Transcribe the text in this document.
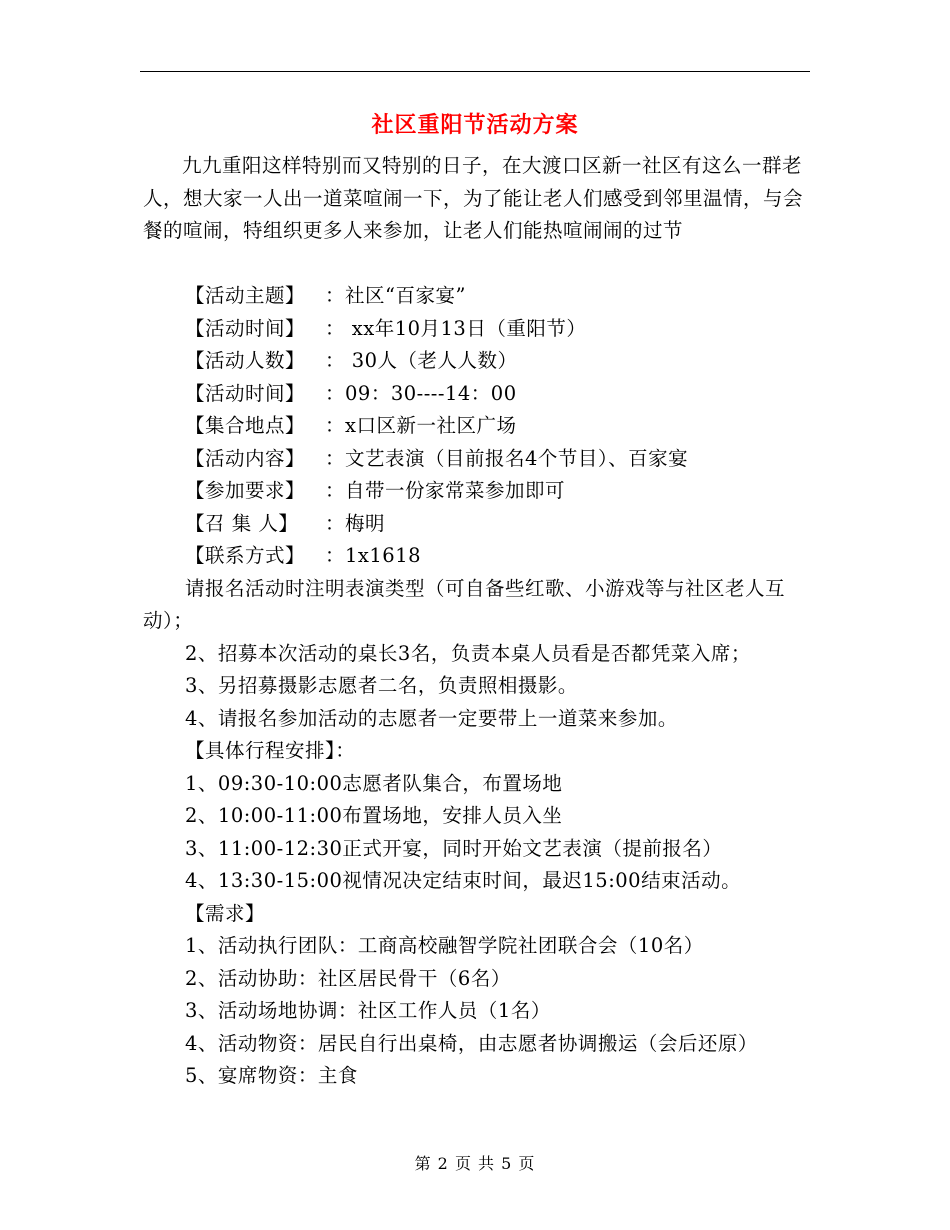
社区重阳节活动方案

九九重阳这样特别而又特别的日子，在大渡口区新一社区有这么一群老人，想大家一人出一道菜喧闹一下，为了能让老人们感受到邻里温情，与会餐的喧闹，特组织更多人来参加，让老人们能热喧闹闹的过节

【活动主题】 ：社区“百家宴”
【活动时间】 ： xx年10月13日（重阳节）
【活动人数】 ： 30人（老人人数）
【活动时间】 ：09：30----14：00
【集合地点】 ：x口区新一社区广场
【活动内容】 ：文艺表演（目前报名4个节目）、百家宴
【参加要求】 ：自带一份家常菜参加即可
【召 集 人】 ：梅明
【联系方式】 ：1x1618
请报名活动时注明表演类型（可自备些红歌、小游戏等与社区老人互动）；
2、招募本次活动的桌长3名，负责本桌人员看是否都凭菜入席；
3、另招募摄影志愿者二名，负责照相摄影。
4、请报名参加活动的志愿者一定要带上一道菜来参加。
【具体行程安排】：
1、09:30-10:00志愿者队集合，布置场地
2、10:00-11:00布置场地，安排人员入坐
3、11:00-12:30正式开宴，同时开始文艺表演（提前报名）
4、13:30-15:00视情况决定结束时间，最迟15:00结束活动。
【需求】
1、活动执行团队：工商高校融智学院社团联合会（10名）
2、活动协助：社区居民骨干（6名）
3、活动场地协调：社区工作人员（1名）
4、活动物资：居民自行出桌椅，由志愿者协调搬运（会后还原）
5、宴席物资：主食
第 2 页 共 5 页
